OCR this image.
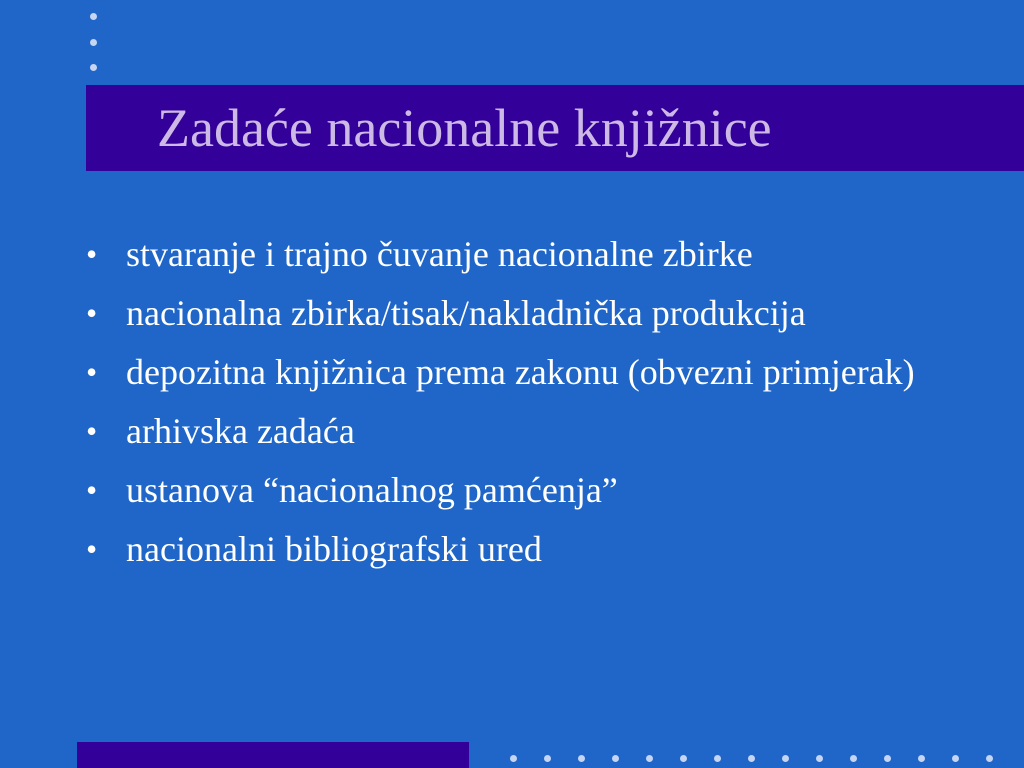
Zadaće nacionalne knjižnice
• stvaranje i trajno čuvanje nacionalne zbirke
• nacionalna zbirka/tisak/nakladnička produkcija
• depozitna knjižnica prema zakonu (obvezni primjerak)
• arhivska zadaća
• ustanova “nacionalnog pamćenja”
• nacionalni bibliografski ured
